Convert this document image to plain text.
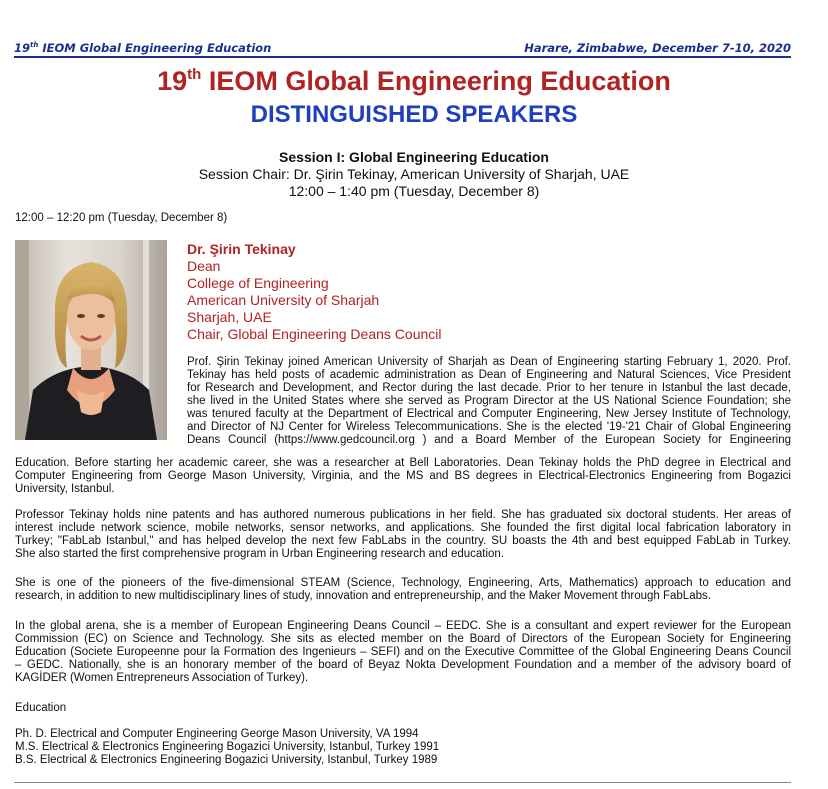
19th IEOM Global Engineering Education	Harare, Zimbabwe, December 7-10, 2020
19th IEOM Global Engineering Education
DISTINGUISHED SPEAKERS
Session I: Global Engineering Education
Session Chair: Dr. Şirin Tekinay, American University of Sharjah, UAE
12:00 – 1:40 pm (Tuesday, December 8)
12:00 – 12:20 pm (Tuesday, December 8)
Dr. Şirin Tekinay
Dean
College of Engineering
American University of Sharjah
Sharjah, UAE
Chair, Global Engineering Deans Council
Prof. Şirin Tekinay joined American University of Sharjah as Dean of Engineering starting February 1, 2020. Prof.
Tekinay has held posts of academic administration as Dean of Engineering and Natural Sciences, Vice President
for Research and Development, and Rector during the last decade. Prior to her tenure in Istanbul the last decade,
she lived in the United States where she served as Program Director at the US National Science Foundation; she
was tenured faculty at the Department of Electrical and Computer Engineering, New Jersey Institute of Technology,
and Director of NJ Center for Wireless Telecommunications. She is the elected '19-'21 Chair of Global Engineering
Deans Council (https://www.gedcouncil.org ) and a Board Member of the European Society for Engineering
Education. Before starting her academic career, she was a researcher at Bell Laboratories. Dean Tekinay holds the PhD degree in Electrical and
Computer Engineering from George Mason University, Virginia, and the MS and BS degrees in Electrical-Electronics Engineering from Bogazici
University, Istanbul.
Professor Tekinay holds nine patents and has authored numerous publications in her field. She has graduated six doctoral students. Her areas of
interest include network science, mobile networks, sensor networks, and applications. She founded the first digital local fabrication laboratory in
Turkey; "FabLab Istanbul," and has helped develop the next few FabLabs in the country. SU boasts the 4th and best equipped FabLab in Turkey.
She also started the first comprehensive program in Urban Engineering research and education.
She is one of the pioneers of the five-dimensional STEAM (Science, Technology, Engineering, Arts, Mathematics) approach to education and
research, in addition to new multidisciplinary lines of study, innovation and entrepreneurship, and the Maker Movement through FabLabs.
In the global arena, she is a member of European Engineering Deans Council – EEDC. She is a consultant and expert reviewer for the European
Commission (EC) on Science and Technology. She sits as elected member on the Board of Directors of the European Society for Engineering
Education (Societe Europeenne pour la Formation des Ingenieurs – SEFI) and on the Executive Committee of the Global Engineering Deans Council
– GEDC. Nationally, she is an honorary member of the board of Beyaz Nokta Development Foundation and a member of the advisory board of
KAGİDER (Women Entrepreneurs Association of Turkey).
Education
Ph. D. Electrical and Computer Engineering George Mason University, VA 1994
M.S. Electrical & Electronics Engineering Bogazici University, Istanbul, Turkey 1991
B.S. Electrical & Electronics Engineering Bogazici University, Istanbul, Turkey 1989
